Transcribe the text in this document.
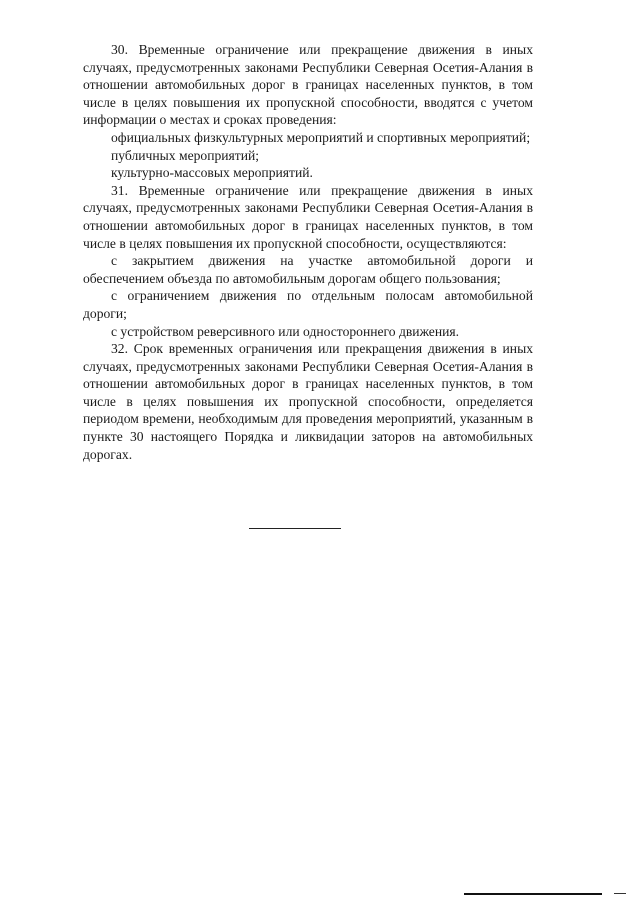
30. Временные ограничение или прекращение движения в иных случаях, предусмотренных законами Республики Северная Осетия-Алания в отношении автомобильных дорог в границах населенных пунктов, в том числе в целях повышения их пропускной способности, вводятся с учетом информации о местах и сроках проведения:

официальных физкультурных мероприятий и спортивных мероприятий;

публичных мероприятий;

культурно-массовых мероприятий.

31. Временные ограничение или прекращение движения в иных случаях, предусмотренных законами Республики Северная Осетия-Алания в отношении автомобильных дорог в границах населенных пунктов, в том числе в целях повышения их пропускной способности, осуществляются:

с закрытием движения на участке автомобильной дороги и обеспечением объезда по автомобильным дорогам общего пользования;

с ограничением движения по отдельным полосам автомобильной дороги;

с устройством реверсивного или одностороннего движения.

32. Срок временных ограничения или прекращения движения в иных случаях, предусмотренных законами Республики Северная Осетия-Алания в отношении автомобильных дорог в границах населенных пунктов, в том числе в целях повышения их пропускной способности, определяется периодом времени, необходимым для проведения мероприятий, указанным в пункте 30 настоящего Порядка и ликвидации заторов на автомобильных дорогах.
